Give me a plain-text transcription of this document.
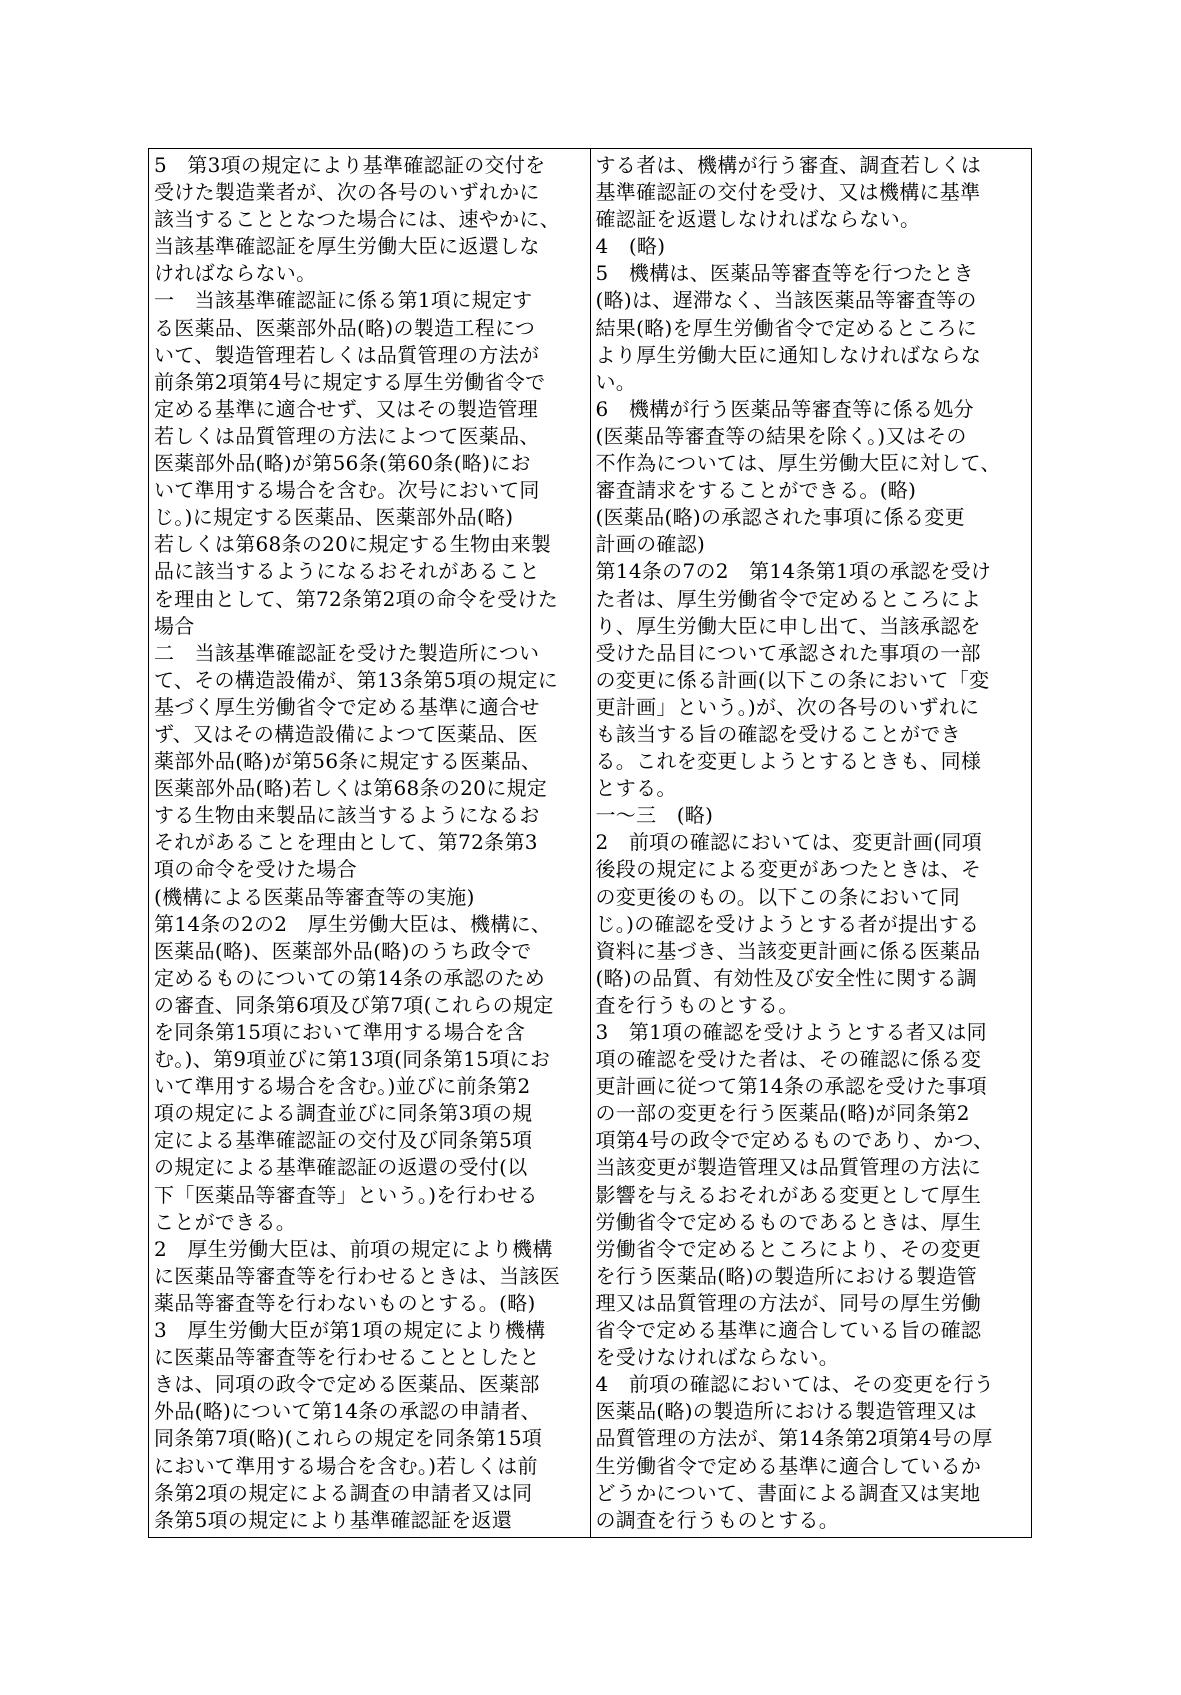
5　第3項の規定により基準確認証の交付を
受けた製造業者が、次の各号のいずれかに
該当することとなつた場合には、速やかに、
当該基準確認証を厚生労働大臣に返還しな
ければならない。
一　当該基準確認証に係る第1項に規定す
る医薬品、医薬部外品(略)の製造工程につ
いて、製造管理若しくは品質管理の方法が
前条第2項第4号に規定する厚生労働省令で
定める基準に適合せず、又はその製造管理
若しくは品質管理の方法によつて医薬品、
医薬部外品(略)が第56条(第60条(略)にお
いて準用する場合を含む。次号において同
じ。)に規定する医薬品、医薬部外品(略)
若しくは第68条の20に規定する生物由来製
品に該当するようになるおそれがあること
を理由として、第72条第2項の命令を受けた
場合
二　当該基準確認証を受けた製造所につい
て、その構造設備が、第13条第5項の規定に
基づく厚生労働省令で定める基準に適合せ
ず、又はその構造設備によつて医薬品、医
薬部外品(略)が第56条に規定する医薬品、
医薬部外品(略)若しくは第68条の20に規定
する生物由来製品に該当するようになるお
それがあることを理由として、第72条第3
項の命令を受けた場合
(機構による医薬品等審査等の実施)
第14条の2の2　厚生労働大臣は、機構に、
医薬品(略)、医薬部外品(略)のうち政令で
定めるものについての第14条の承認のため
の審査、同条第6項及び第7項(これらの規定
を同条第15項において準用する場合を含
む。)、第9項並びに第13項(同条第15項にお
いて準用する場合を含む。)並びに前条第2
項の規定による調査並びに同条第3項の規
定による基準確認証の交付及び同条第5項
の規定による基準確認証の返還の受付(以
下「医薬品等審査等」という。)を行わせる
ことができる。
2　厚生労働大臣は、前項の規定により機構
に医薬品等審査等を行わせるときは、当該医
薬品等審査等を行わないものとする。(略)
3　厚生労働大臣が第1項の規定により機構
に医薬品等審査等を行わせることとしたと
きは、同項の政令で定める医薬品、医薬部
外品(略)について第14条の承認の申請者、
同条第7項(略)(これらの規定を同条第15項
において準用する場合を含む。)若しくは前
条第2項の規定による調査の申請者又は同
条第5項の規定により基準確認証を返還

する者は、機構が行う審査、調査若しくは
基準確認証の交付を受け、又は機構に基準
確認証を返還しなければならない。
4　(略)
5　機構は、医薬品等審査等を行つたとき
(略)は、遅滞なく、当該医薬品等審査等の
結果(略)を厚生労働省令で定めるところに
より厚生労働大臣に通知しなければならな
い。
6　機構が行う医薬品等審査等に係る処分
(医薬品等審査等の結果を除く。)又はその
不作為については、厚生労働大臣に対して、
審査請求をすることができる。(略)
(医薬品(略)の承認された事項に係る変更
計画の確認)
第14条の7の2　第14条第1項の承認を受け
た者は、厚生労働省令で定めるところによ
り、厚生労働大臣に申し出て、当該承認を
受けた品目について承認された事項の一部
の変更に係る計画(以下この条において「変
更計画」という。)が、次の各号のいずれに
も該当する旨の確認を受けることができ
る。これを変更しようとするときも、同様
とする。
一～三　(略)
2　前項の確認においては、変更計画(同項
後段の規定による変更があつたときは、そ
の変更後のもの。以下この条において同
じ。)の確認を受けようとする者が提出する
資料に基づき、当該変更計画に係る医薬品
(略)の品質、有効性及び安全性に関する調
査を行うものとする。
3　第1項の確認を受けようとする者又は同
項の確認を受けた者は、その確認に係る変
更計画に従つて第14条の承認を受けた事項
の一部の変更を行う医薬品(略)が同条第2
項第4号の政令で定めるものであり、かつ、
当該変更が製造管理又は品質管理の方法に
影響を与えるおそれがある変更として厚生
労働省令で定めるものであるときは、厚生
労働省令で定めるところにより、その変更
を行う医薬品(略)の製造所における製造管
理又は品質管理の方法が、同号の厚生労働
省令で定める基準に適合している旨の確認
を受けなければならない。
4　前項の確認においては、その変更を行う
医薬品(略)の製造所における製造管理又は
品質管理の方法が、第14条第2項第4号の厚
生労働省令で定める基準に適合しているか
どうかについて、書面による調査又は実地
の調査を行うものとする。
